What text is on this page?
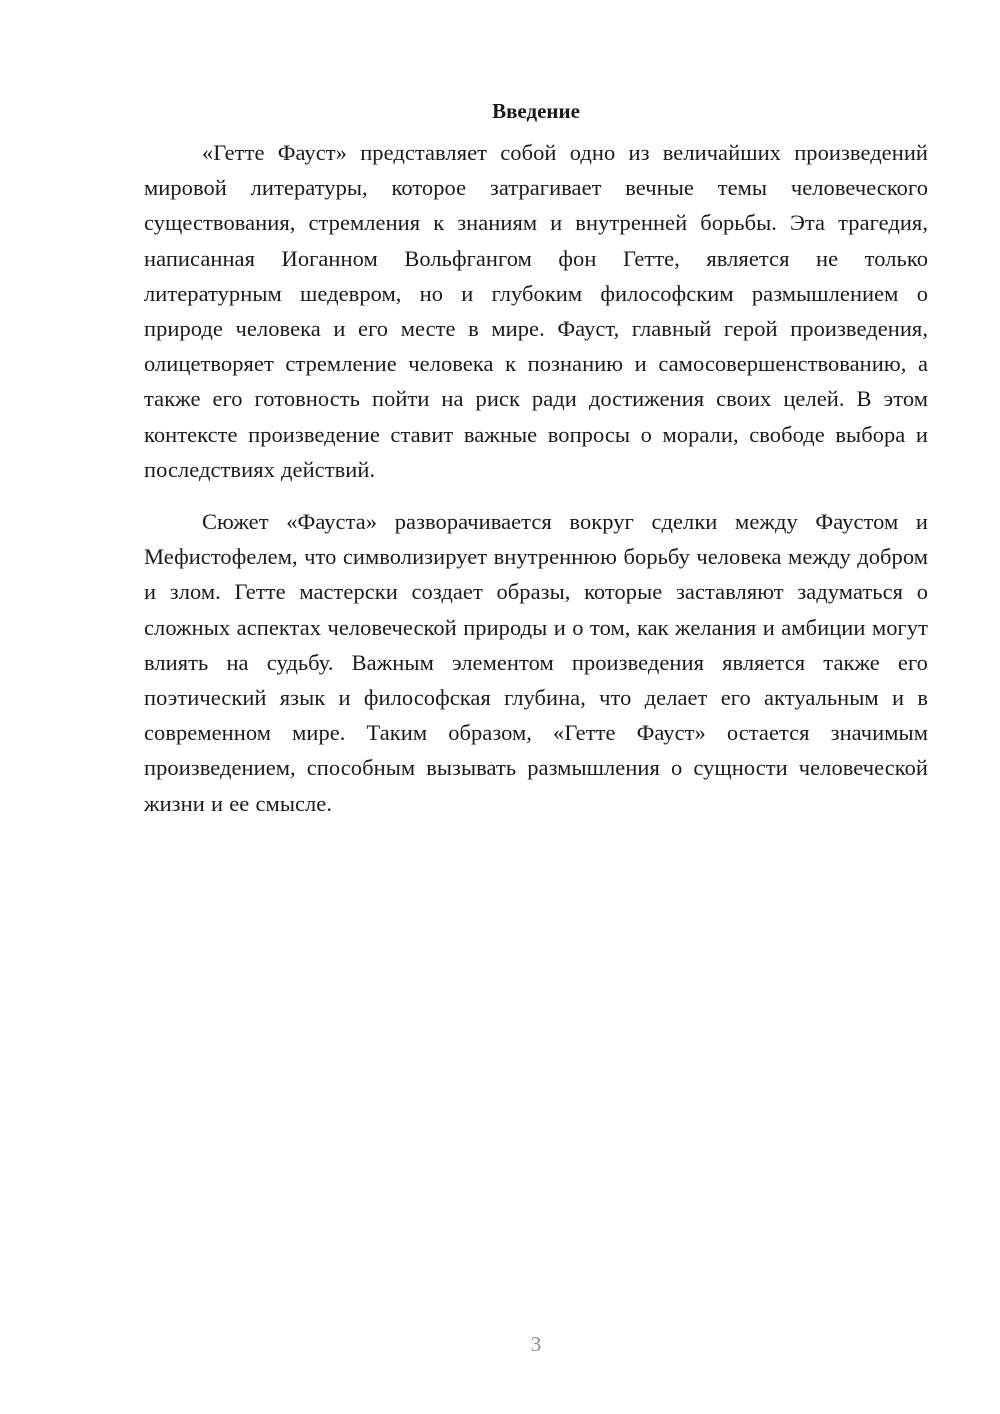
Введение

«Гетте Фауст» представляет собой одно из величайших произведений мировой литературы, которое затрагивает вечные темы человеческого существования, стремления к знаниям и внутренней борьбы. Эта трагедия, написанная Иоганном Вольфгангом фон Гетте, является не только литературным шедевром, но и глубоким философским размышлением о природе человека и его месте в мире. Фауст, главный герой произведения, олицетворяет стремление человека к познанию и самосовершенствованию, а также его готовность пойти на риск ради достижения своих целей. В этом контексте произведение ставит важные вопросы о морали, свободе выбора и последствиях действий.

Сюжет «Фауста» разворачивается вокруг сделки между Фаустом и Мефистофелем, что символизирует внутреннюю борьбу человека между добром и злом. Гетте мастерски создает образы, которые заставляют задуматься о сложных аспектах человеческой природы и о том, как желания и амбиции могут влиять на судьбу. Важным элементом произведения является также его поэтический язык и философская глубина, что делает его актуальным и в современном мире. Таким образом, «Гетте Фауст» остается значимым произведением, способным вызывать размышления о сущности человеческой жизни и ее смысле.

3
